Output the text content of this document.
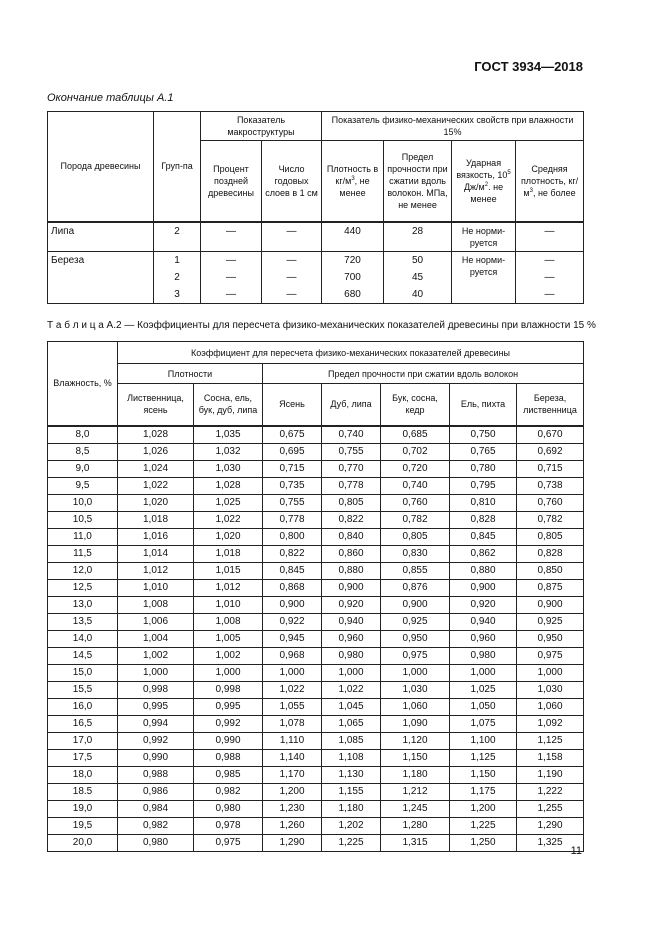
ГОСТ 3934—2018
Окончание таблицы А.1
Порода древесины	Груп-па	Показатель макроструктуры		Показатель физико-механических свойств при влажности 15%			
		Процент поздней древесины	Число годовых слоев в 1 см	Плотность в $кг/м^3$, не менее	Предел прочности при сжатии вдоль волокон. МПа, не менее	Ударная вязкость, $10^5$ $Дж/м^2$. не менее	Средняя плотность, $кг/м^3$, не более
Липа	2	—	—	440	28	Не норми-руется	—
Береза	1	—	—	720	50	Не норми-руется	—
	2	—	—	700	45		—
	3	—	—	680	40		—
Т а б л и ц а А.2 — Коэффициенты для пересчета физико-механических показателей древесины при влажности 15 %
Влажность, %	Коэффициент для пересчета физико-механических показателей древесины						
	Плотности		Предел прочности при сжатии вдоль волокон				
	Лиственница, ясень	Сосна, ель, бук, дуб, липа	Ясень	Дуб, липа	Бук, сосна, кедр	Ель, пихта	Береза, лиственница
8,0	1,028	1,035	0,675	0,740	0,685	0,750	0,670
8,5	1,026	1,032	0,695	0,755	0,702	0,765	0,692
9,0	1,024	1,030	0,715	0,770	0,720	0,780	0,715
9,5	1,022	1,028	0,735	0,778	0,740	0,795	0,738
10,0	1,020	1,025	0,755	0,805	0,760	0,810	0,760
10,5	1,018	1,022	0,778	0,822	0,782	0,828	0,782
11,0	1,016	1,020	0,800	0,840	0,805	0,845	0,805
11,5	1,014	1,018	0,822	0,860	0,830	0,862	0,828
12,0	1,012	1,015	0,845	0,880	0,855	0,880	0,850
12,5	1,010	1,012	0,868	0,900	0,876	0,900	0,875
13,0	1,008	1,010	0,900	0,920	0,900	0,920	0,900
13,5	1,006	1,008	0,922	0,940	0,925	0,940	0,925
14,0	1,004	1,005	0,945	0,960	0,950	0,960	0,950
14,5	1,002	1,002	0,968	0,980	0,975	0,980	0,975
15,0	1,000	1,000	1,000	1,000	1,000	1,000	1,000
15,5	0,998	0,998	1,022	1,022	1,030	1,025	1,030
16,0	0,995	0,995	1,055	1,045	1,060	1,050	1,060
16,5	0,994	0,992	1,078	1,065	1,090	1,075	1,092
17,0	0,992	0,990	1,110	1,085	1,120	1,100	1,125
17,5	0,990	0,988	1,140	1,108	1,150	1,125	1,158
18,0	0,988	0,985	1,170	1,130	1,180	1,150	1,190
18.5	0,986	0,982	1,200	1,155	1,212	1,175	1,222
19,0	0,984	0,980	1,230	1,180	1,245	1,200	1,255
19,5	0,982	0,978	1,260	1,202	1,280	1,225	1,290
20,0	0,980	0,975	1,290	1,225	1,315	1,250	1,325
11
